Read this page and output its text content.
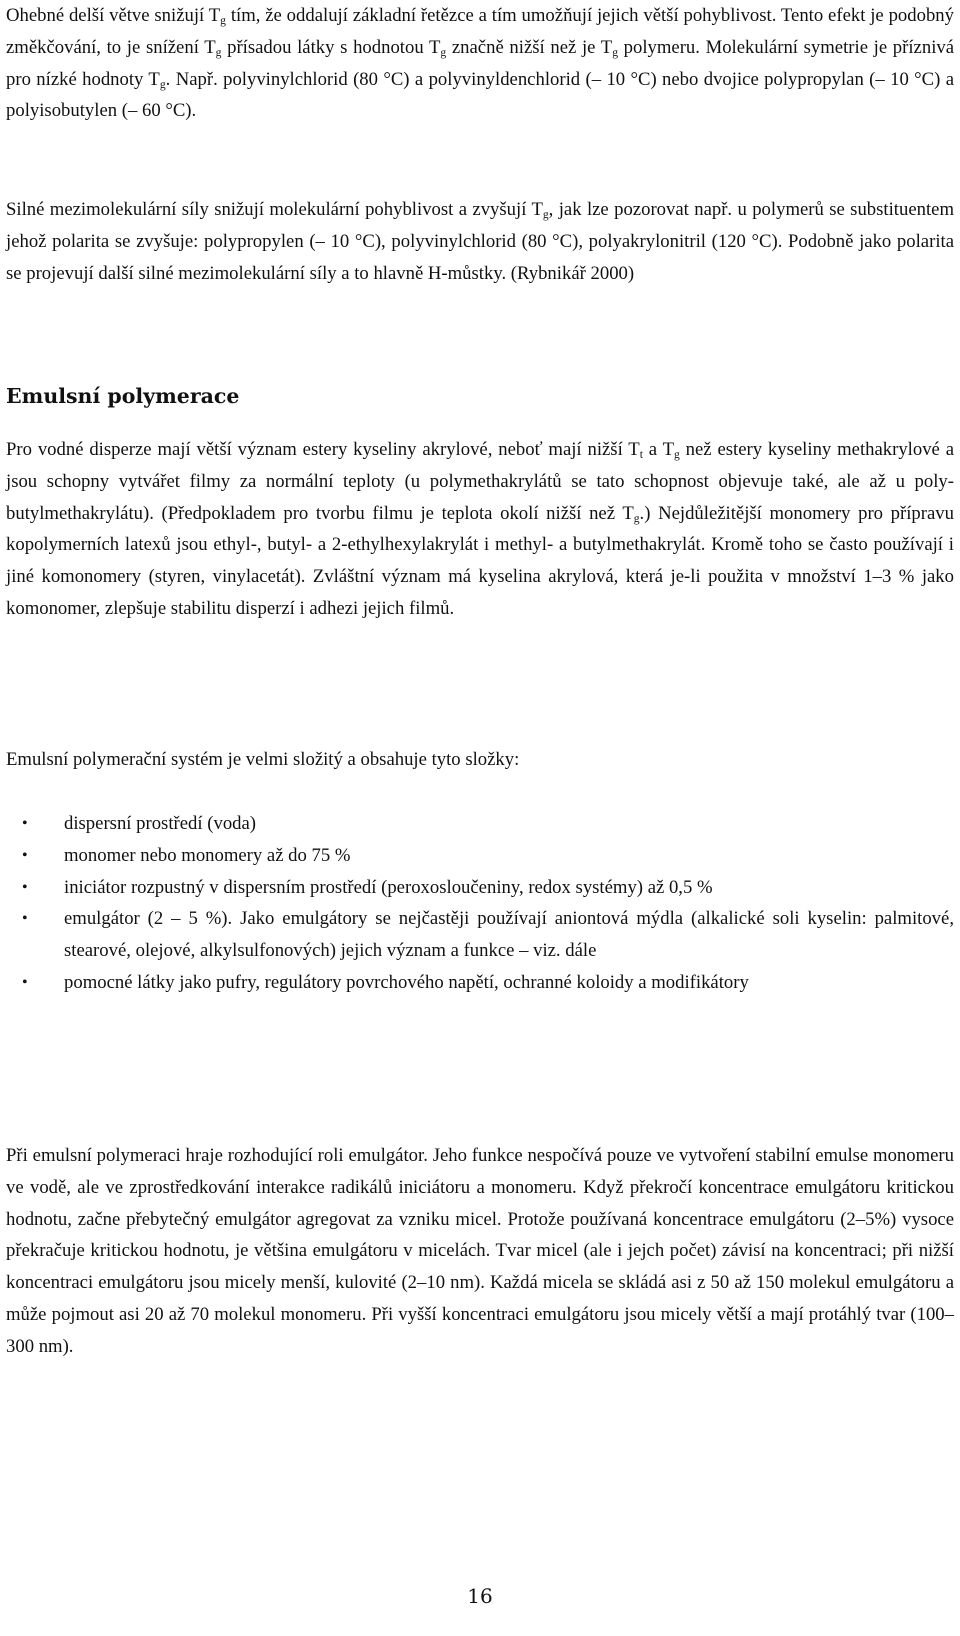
Ohebné delší větve snižují $T_g$ tím, že oddalují základní řetězce a tím umožňují jejich větší pohyblivost. Tento efekt je podobný změkčování, to je snížení $T_g$ přísadou látky s hodnotou $T_g$ značně nižší než je $T_g$ polymeru. Molekulární symetrie je příznivá pro nízké hodnoty $T_g$. Např. polyvinylchlorid (80 °C) a polyvinyldenchlorid (– 10 °C) nebo dvojice polypropylan (– 10 °C) a polyisobutylen (– 60 °C).

Silné mezimolekulární síly snižují molekulární pohyblivost a zvyšují $T_g$, jak lze pozorovat např. u polymerů se substituentem jehož polarita se zvyšuje: polypropylen (– 10 °C), polyvinylchlorid (80 °C), polyakrylonitril (120 °C). Podobně jako polarita se projevují další silné mezimolekulární síly a to hlavně H-můstky. (Rybnikář 2000)

Emulsní polymerace

Pro vodné disperze mají větší význam estery kyseliny akrylové, neboť mají nižší $T_t$ a $T_g$ než estery kyseliny methakrylové a jsou schopny vytvářet filmy za normální teploty (u polymethakrylátů se tato schopnost objevuje také, ale až u poly-butylmethakrylátu). (Předpokladem pro tvorbu filmu je teplota okolí nižší než $T_g$.) Nejdůležitější monomery pro přípravu kopolymerních latexů jsou ethyl-, butyl- a 2-ethylhexylakrylát i methyl- a butylmethakrylát. Kromě toho se často používají i jiné komonomery (styren, vinylacetát). Zvláštní význam má kyselina akrylová, která je-li použita v množství 1–3 % jako komonomer, zlepšuje stabilitu disperzí i adhezi jejich filmů.

Emulsní polymerační systém je velmi složitý a obsahuje tyto složky:

• dispersní prostředí (voda)
• monomer nebo monomery až do 75 %
• iniciátor rozpustný v dispersním prostředí (peroxosloučeniny, redox systémy) až 0,5 %
• emulgátor (2 – 5 %). Jako emulgátory se nejčastěji používají aniontová mýdla (alkalické soli kyselin: palmitové, stearové, olejové, alkylsulfonových) jejich význam a funkce – viz. dále
• pomocné látky jako pufry, regulátory povrchového napětí, ochranné koloidy a modifikátory

Při emulsní polymeraci hraje rozhodující roli emulgátor. Jeho funkce nespočívá pouze ve vytvoření stabilní emulse monomeru ve vodě, ale ve zprostředkování interakce radikálů iniciátoru a monomeru. Když překročí koncentrace emulgátoru kritickou hodnotu, začne přebytečný emulgátor agregovat za vzniku micel. Protože používaná koncentrace emulgátoru (2–5%) vysoce překračuje kritickou hodnotu, je většina emulgátoru v micelách. Tvar micel (ale i jejch počet) závisí na koncentraci; při nižší koncentraci emulgátoru jsou micely menší, kulovité (2–10 nm). Každá micela se skládá asi z 50 až 150 molekul emulgátoru a může pojmout asi 20 až 70 molekul monomeru. Při vyšší koncentraci emulgátoru jsou micely větší a mají protáhlý tvar (100–300 nm).

16
